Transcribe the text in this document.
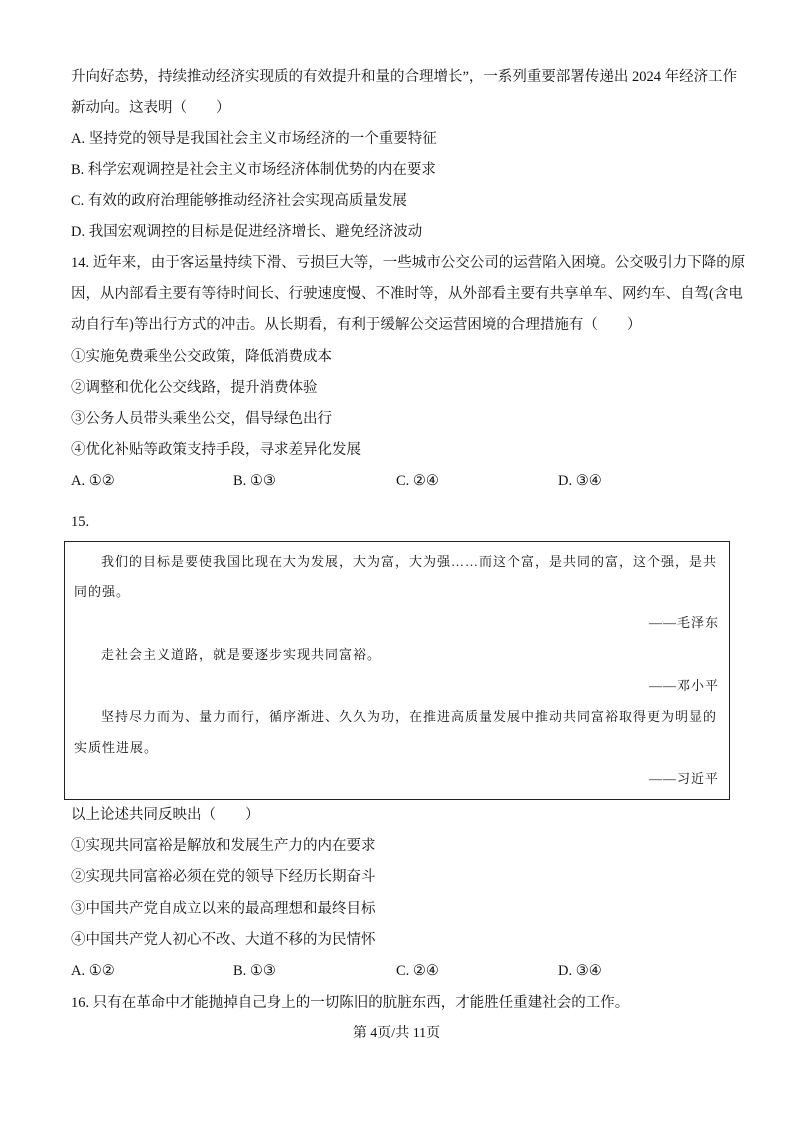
升向好态势，持续推动经济实现质的有效提升和量的合理增长”，一系列重要部署传递出 2024 年经济工作
新动向。这表明（　　）
A. 坚持党的领导是我国社会主义市场经济的一个重要特征
B. 科学宏观调控是社会主义市场经济体制优势的内在要求
C. 有效的政府治理能够推动经济社会实现高质量发展
D. 我国宏观调控的目标是促进经济增长、避免经济波动
14. 近年来，由于客运量持续下滑、亏损巨大等，一些城市公交公司的运营陷入困境。公交吸引力下降的原
因，从内部看主要有等待时间长、行驶速度慢、不准时等，从外部看主要有共享单车、网约车、自驾(含电
动自行车)等出行方式的冲击。从长期看，有利于缓解公交运营困境的合理措施有（　　）
①实施免费乘坐公交政策，降低消费成本
②调整和优化公交线路，提升消费体验
③公务人员带头乘坐公交，倡导绿色出行
④优化补贴等政策支持手段，寻求差异化发展
A. ①②	B. ①③	C. ②④	D. ③④
15.
我们的目标是要使我国比现在大为发展，大为富，大为强……而这个富，是共同的富，这个强，是共
同的强。
——毛泽东
走社会主义道路，就是要逐步实现共同富裕。
——邓小平
坚持尽力而为、量力而行，循序渐进、久久为功，在推进高质量发展中推动共同富裕取得更为明显的
实质性进展。
——习近平
以上论述共同反映出（　　）
①实现共同富裕是解放和发展生产力的内在要求
②实现共同富裕必须在党的领导下经历长期奋斗
③中国共产党自成立以来的最高理想和最终目标
④中国共产党人初心不改、大道不移的为民情怀
A. ①②	B. ①③	C. ②④	D. ③④
16. 只有在革命中才能抛掉自己身上的一切陈旧的肮脏东西，才能胜任重建社会的工作。
第 4页/共 11页
